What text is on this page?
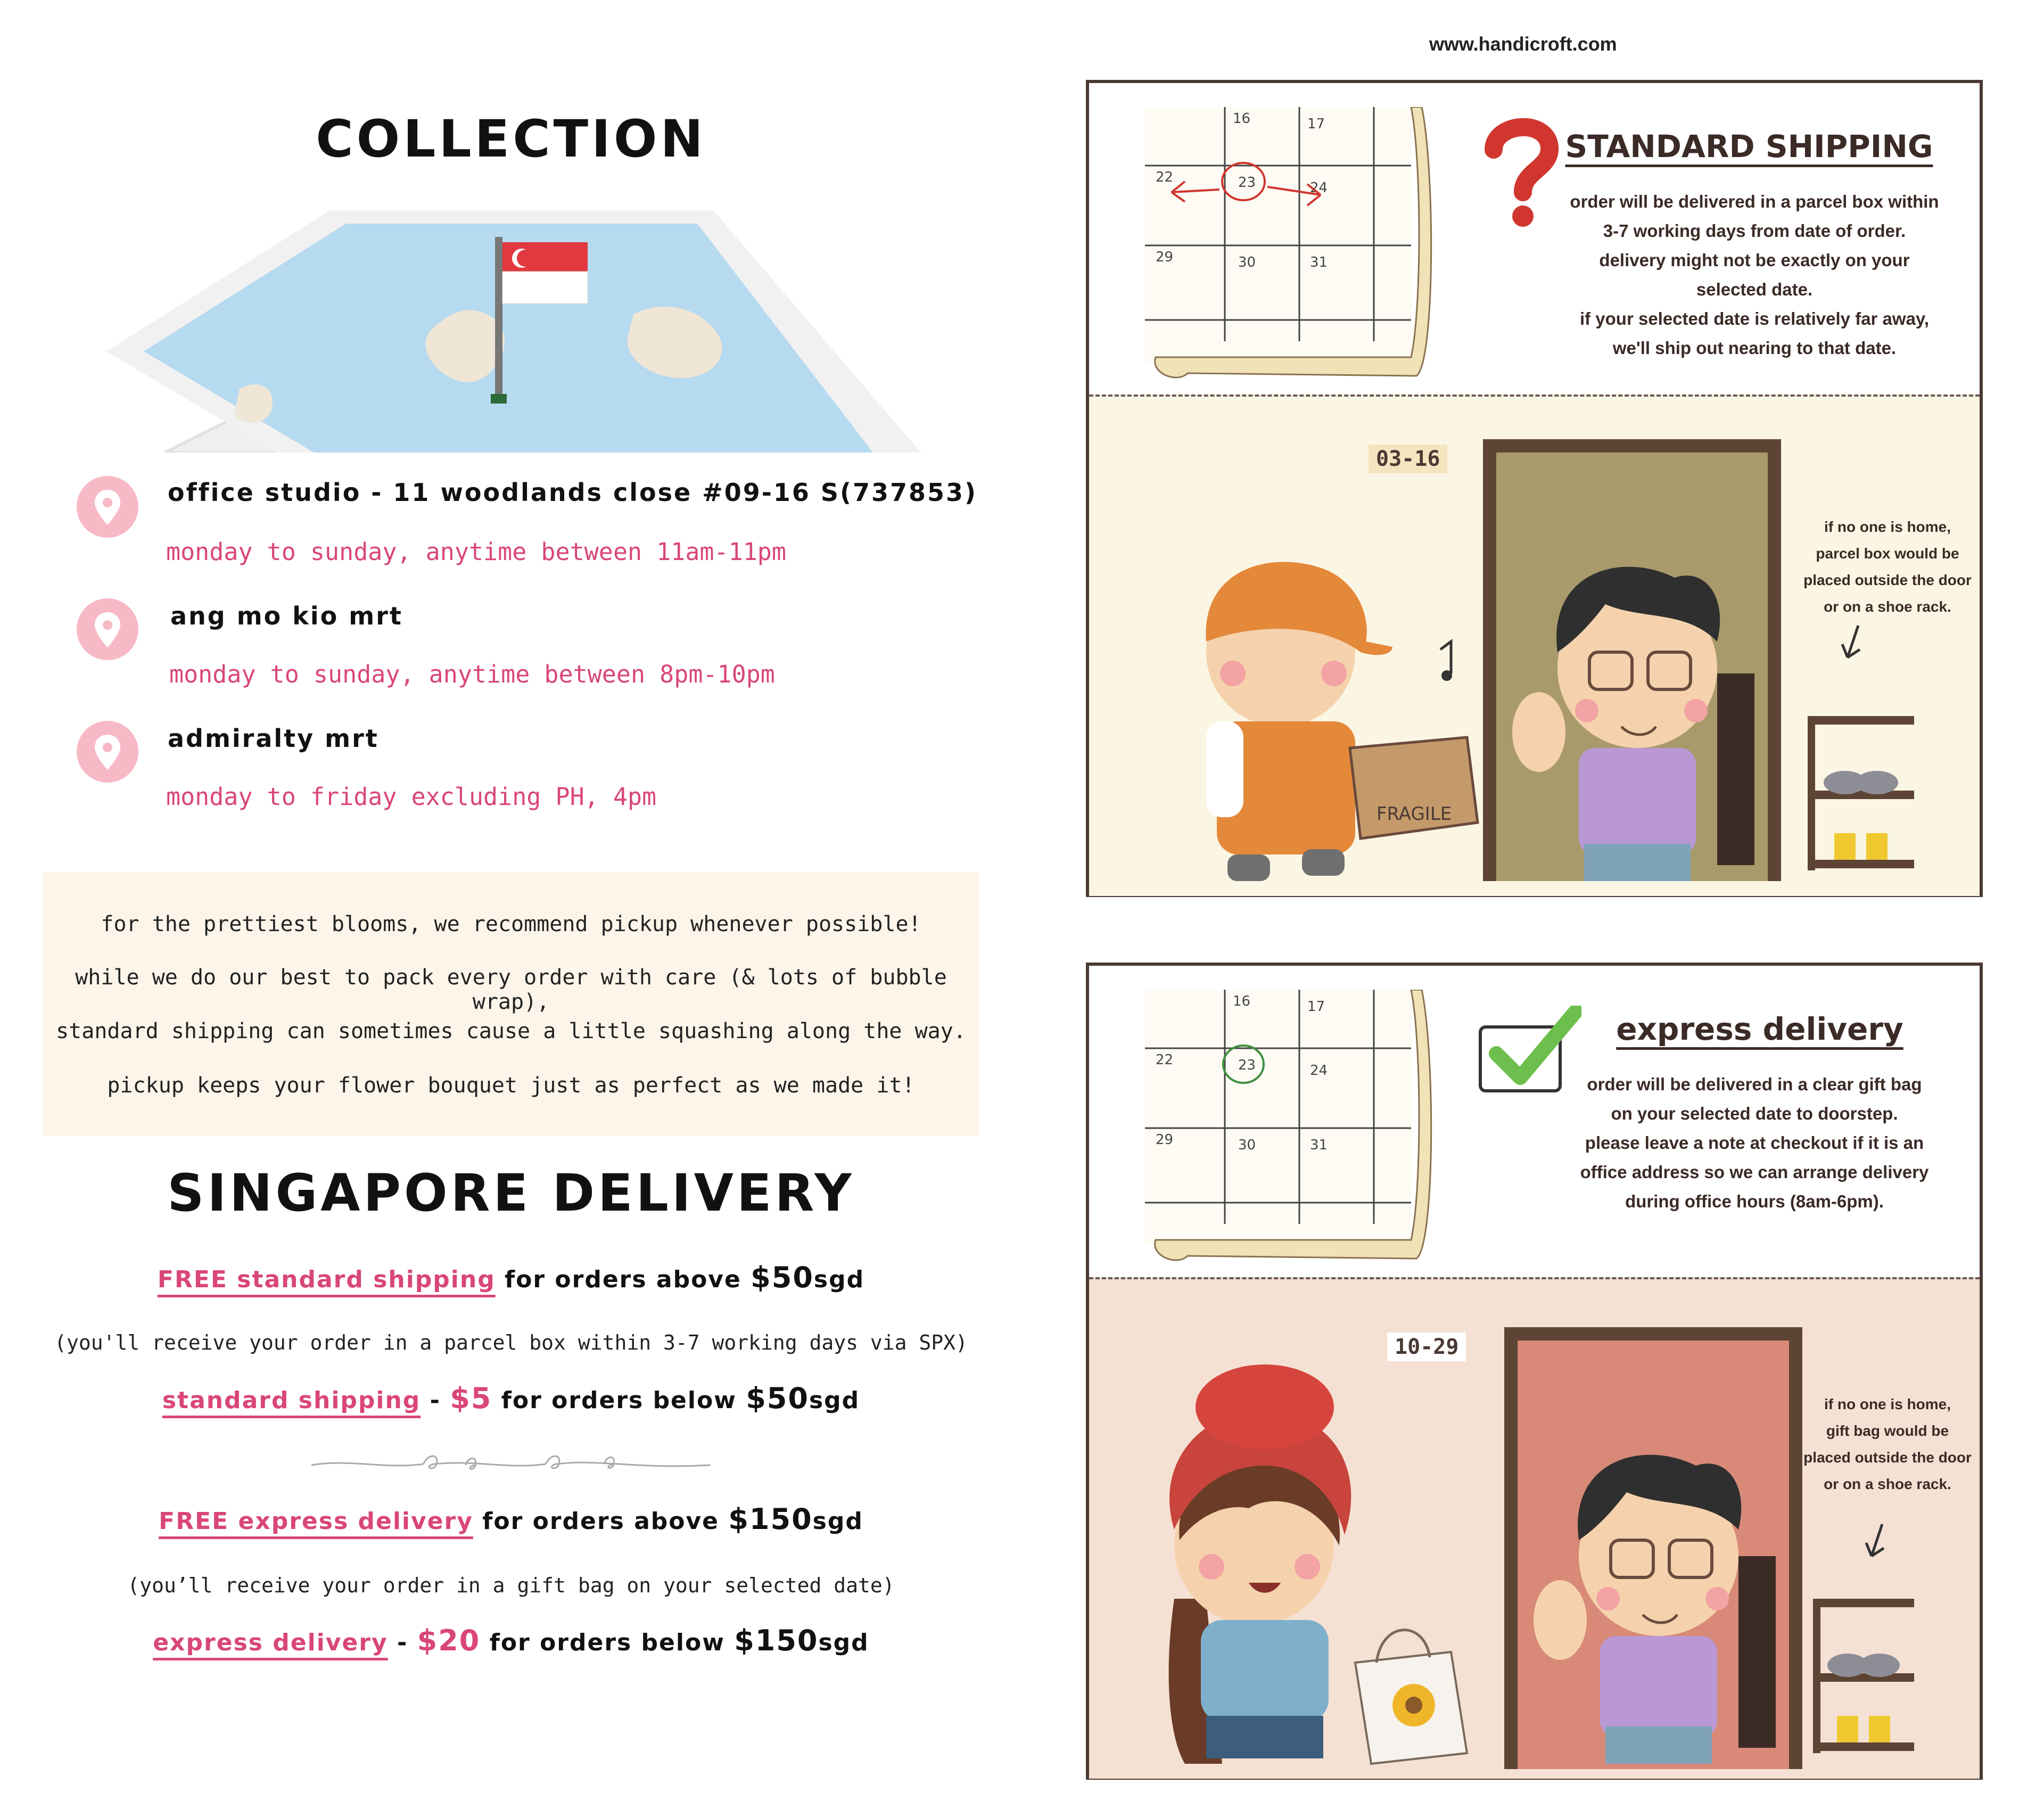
COLLECTION
office studio - 11 woodlands close #09-16 S(737853)
monday to sunday, anytime between 11am-11pm
ang mo kio mrt
monday to sunday, anytime between 8pm-10pm
admiralty mrt
monday to friday excluding PH, 4pm
for the prettiest blooms, we recommend pickup whenever possible!
while we do our best to pack every order with care (& lots of bubble wrap),
standard shipping can sometimes cause a little squashing along the way.
pickup keeps your flower bouquet just as perfect as we made it!
SINGAPORE DELIVERY
FREE standard shipping for orders above $50sgd
(you'll receive your order in a parcel box within 3-7 working days via SPX)
standard shipping - $5 for orders below $50sgd
FREE express delivery for orders above $150sgd
(you’ll receive your order in a gift bag on your selected date)
express delivery - $20 for orders below $150sgd
www.handicroft.com
16	17
22	23	24
29	30	31
STANDARD SHIPPING
order will be delivered in a parcel box within
3-7 working days from date of order.
delivery might not be exactly on your
selected date.
if your selected date is relatively far away,
we'll ship out nearing to that date.
03-16
FRAGILE
if no one is home,
parcel box would be
placed outside the door
or on a shoe rack.
16	17
22	23	24
29	30	31
express delivery
order will be delivered in a clear gift bag
on your selected date to doorstep.
please leave a note at checkout if it is an
office address so we can arrange delivery
during office hours (8am-6pm).
10-29
if no one is home,
gift bag would be
placed outside the door
or on a shoe rack.
